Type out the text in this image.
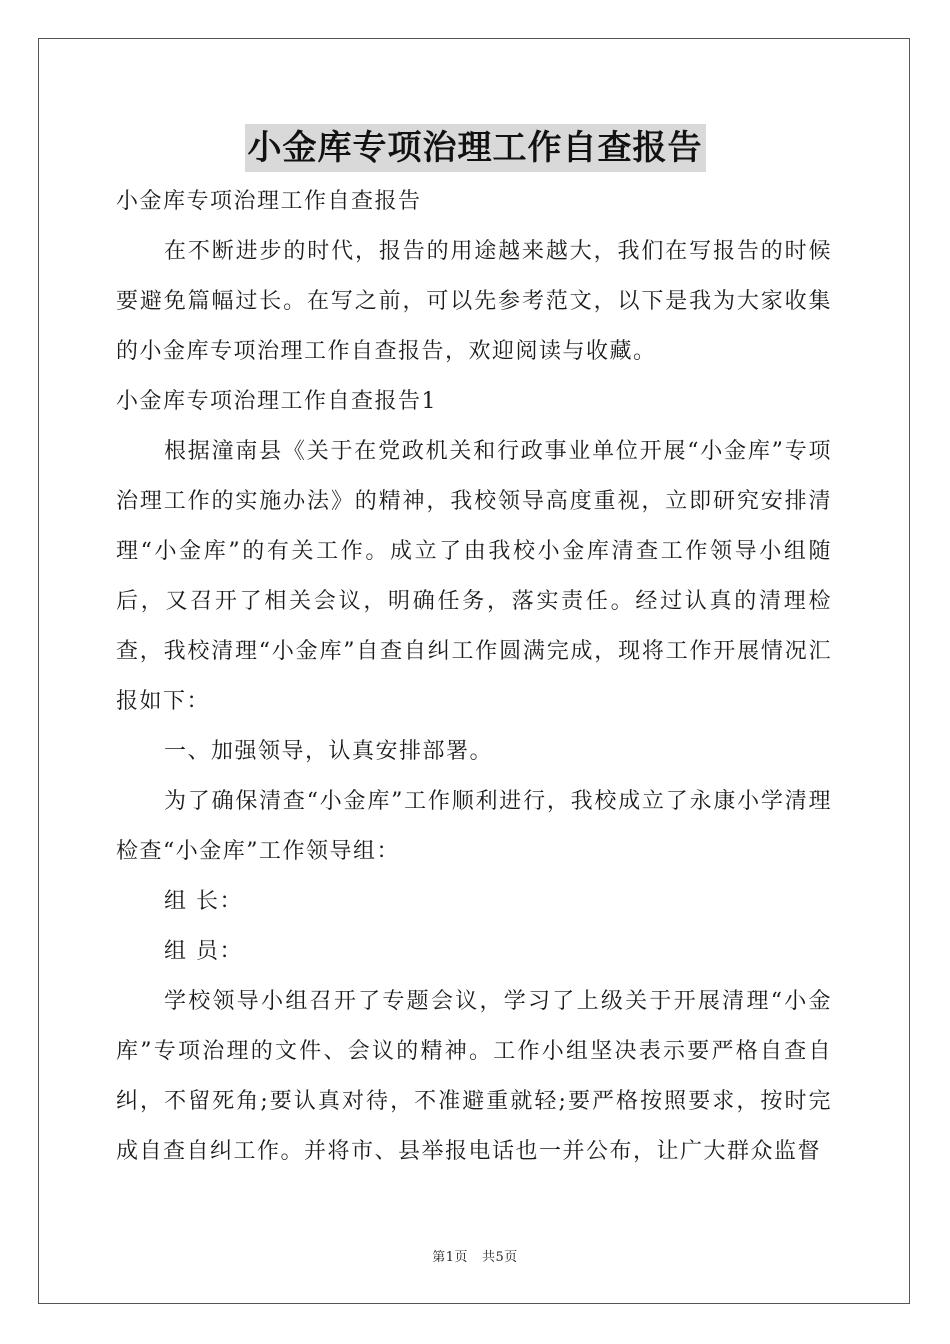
小金库专项治理工作自查报告

小金库专项治理工作自查报告

在不断进步的时代，报告的用途越来越大，我们在写报告的时候要避免篇幅过长。在写之前，可以先参考范文，以下是我为大家收集的小金库专项治理工作自查报告，欢迎阅读与收藏。

小金库专项治理工作自查报告1

根据潼南县《关于在党政机关和行政事业单位开展“小金库”专项治理工作的实施办法》的精神，我校领导高度重视，立即研究安排清理“小金库”的有关工作。成立了由我校小金库清查工作领导小组随后，又召开了相关会议，明确任务，落实责任。经过认真的清理检查，我校清理“小金库”自查自纠工作圆满完成，现将工作开展情况汇报如下：

一、加强领导，认真安排部署。

为了确保清查“小金库”工作顺利进行，我校成立了永康小学清理检查“小金库”工作领导组：

组 长：

组 员：

学校领导小组召开了专题会议，学习了上级关于开展清理“小金库”专项治理的文件、会议的精神。工作小组坚决表示要严格自查自纠，不留死角;要认真对待，不准避重就轻;要严格按照要求，按时完成自查自纠工作。并将市、县举报电话也一并公布，让广大群众监督

第1页 共5页
